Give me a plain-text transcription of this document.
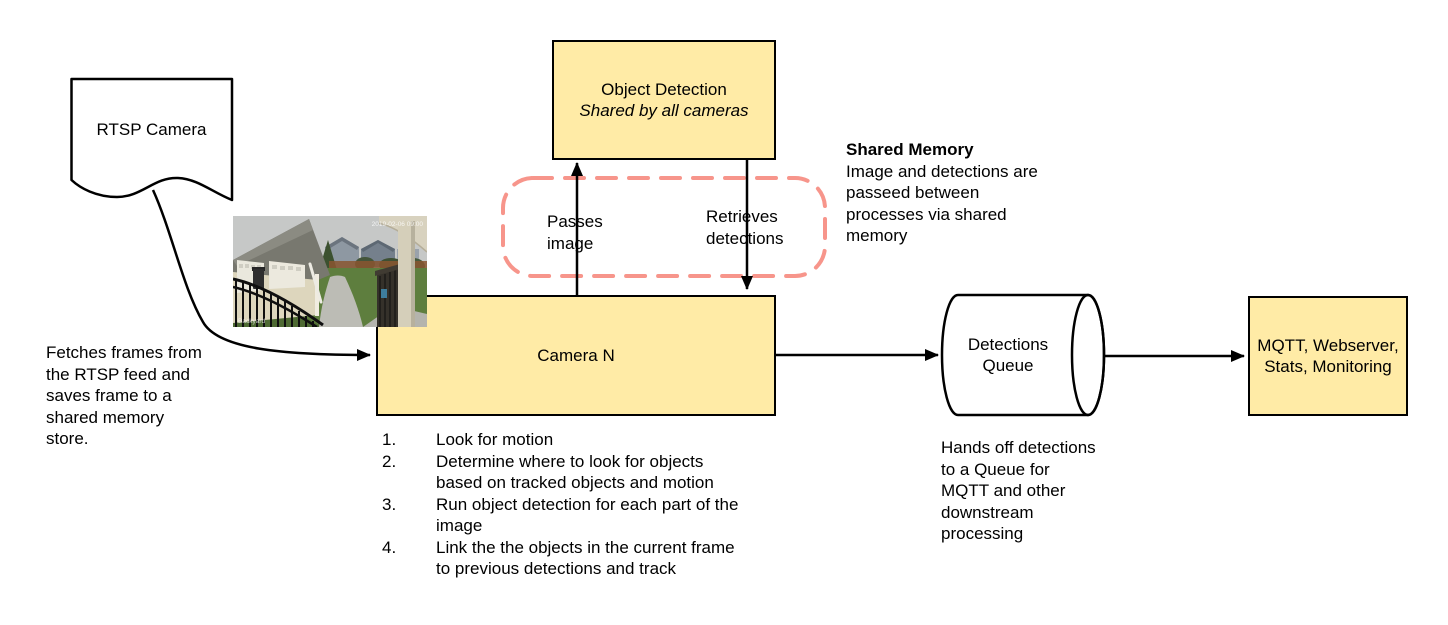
Object Detection
Shared by all cameras
Camera N
MQTT, Webserver,
Stats, Monitoring
RTSP Camera
Detections
Queue
Passes
image
Retrieves
detections
Fetches frames from
the RTSP feed and
saves frame to a
shared memory
store.
Shared Memory
Image and detections are
passeed between
processes via shared
memory
Hands off detections
to a Queue for
MQTT and other
downstream
processing
Look for motion
Determine where to look for objects
based on tracked objects and motion
Run object detection for each part of the
image
Link the the objects in the current frame
to previous detections and track
2019-02-06 09:00
Backyard
